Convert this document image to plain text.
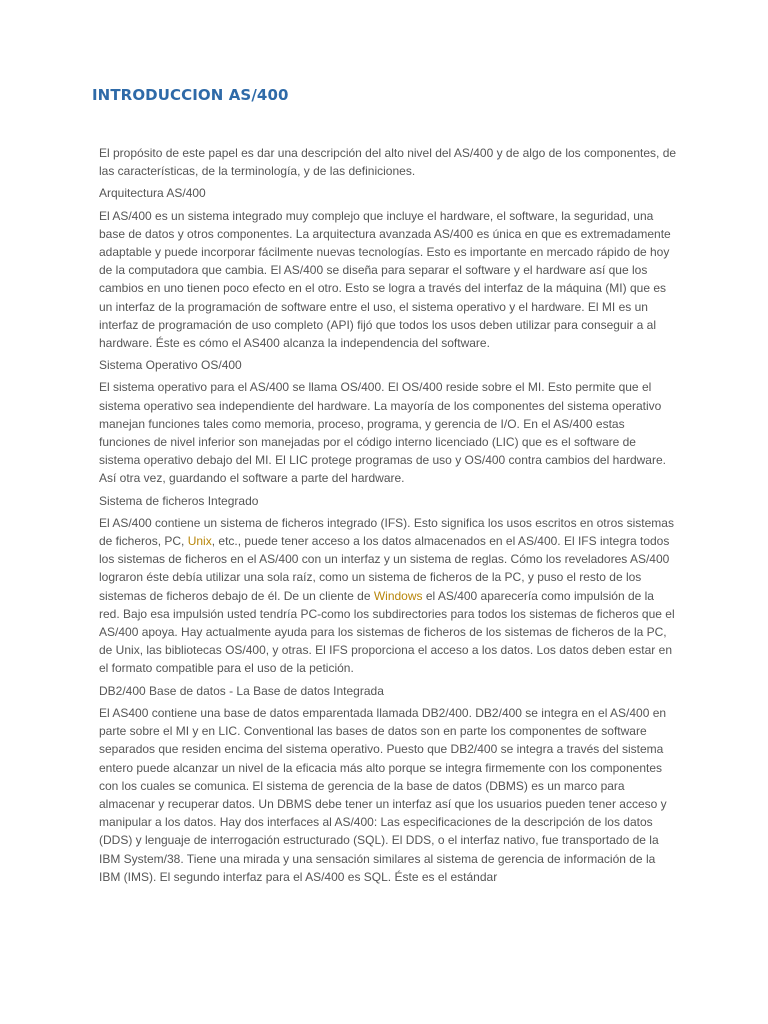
INTRODUCCION AS/400

El propósito de este papel es dar una descripción del alto nivel del AS/400 y de algo de los componentes, de las características, de la terminología, y de las definiciones.

Arquitectura AS/400

El AS/400 es un sistema integrado muy complejo que incluye el hardware, el software, la seguridad, una base de datos y otros componentes. La arquitectura avanzada AS/400 es única en que es extremadamente adaptable y puede incorporar fácilmente nuevas tecnologías. Esto es importante en mercado rápido de hoy de la computadora que cambia. El AS/400 se diseña para separar el software y el hardware así que los cambios en uno tienen poco efecto en el otro. Esto se logra a través del interfaz de la máquina (MI) que es un interfaz de la programación de software entre el uso, el sistema operativo y el hardware. El MI es un interfaz de programación de uso completo (API) fijó que todos los usos deben utilizar para conseguir a al hardware. Éste es cómo el AS400 alcanza la independencia del software.

Sistema Operativo OS/400

El sistema operativo para el AS/400 se llama OS/400. El OS/400 reside sobre el MI. Esto permite que el sistema operativo sea independiente del hardware. La mayoría de los componentes del sistema operativo manejan funciones tales como memoria, proceso, programa, y gerencia de I/O. En el AS/400 estas funciones de nivel inferior son manejadas por el código interno licenciado (LIC) que es el software de sistema operativo debajo del MI. El LIC protege programas de uso y OS/400 contra cambios del hardware. Así otra vez, guardando el software a parte del hardware.

Sistema de ficheros Integrado

El AS/400 contiene un sistema de ficheros integrado (IFS). Esto significa los usos escritos en otros sistemas de ficheros, PC, Unix, etc., puede tener acceso a los datos almacenados en el AS/400. El IFS integra todos los sistemas de ficheros en el AS/400 con un interfaz y un sistema de reglas. Cómo los reveladores AS/400 lograron éste debía utilizar una sola raíz, como un sistema de ficheros de la PC, y puso el resto de los sistemas de ficheros debajo de él. De un cliente de Windows el AS/400 aparecería como impulsión de la red. Bajo esa impulsión usted tendría PC-como los subdirectories para todos los sistemas de ficheros que el AS/400 apoya. Hay actualmente ayuda para los sistemas de ficheros de los sistemas de ficheros de la PC, de Unix, las bibliotecas OS/400, y otras. El IFS proporciona el acceso a los datos. Los datos deben estar en el formato compatible para el uso de la petición.

DB2/400 Base de datos - La Base de datos Integrada

El AS400 contiene una base de datos emparentada llamada DB2/400. DB2/400 se integra en el AS/400 en parte sobre el MI y en LIC. Conventional las bases de datos son en parte los componentes de software separados que residen encima del sistema operativo. Puesto que DB2/400 se integra a través del sistema entero puede alcanzar un nivel de la eficacia más alto porque se integra firmemente con los componentes con los cuales se comunica. El sistema de gerencia de la base de datos (DBMS) es un marco para almacenar y recuperar datos. Un DBMS debe tener un interfaz así que los usuarios pueden tener acceso y manipular a los datos. Hay dos interfaces al AS/400: Las especificaciones de la descripción de los datos (DDS) y lenguaje de interrogación estructurado (SQL). El DDS, o el interfaz nativo, fue transportado de la IBM System/38. Tiene una mirada y una sensación similares al sistema de gerencia de información de la IBM (IMS). El segundo interfaz para el AS/400 es SQL. Éste es el estándar
